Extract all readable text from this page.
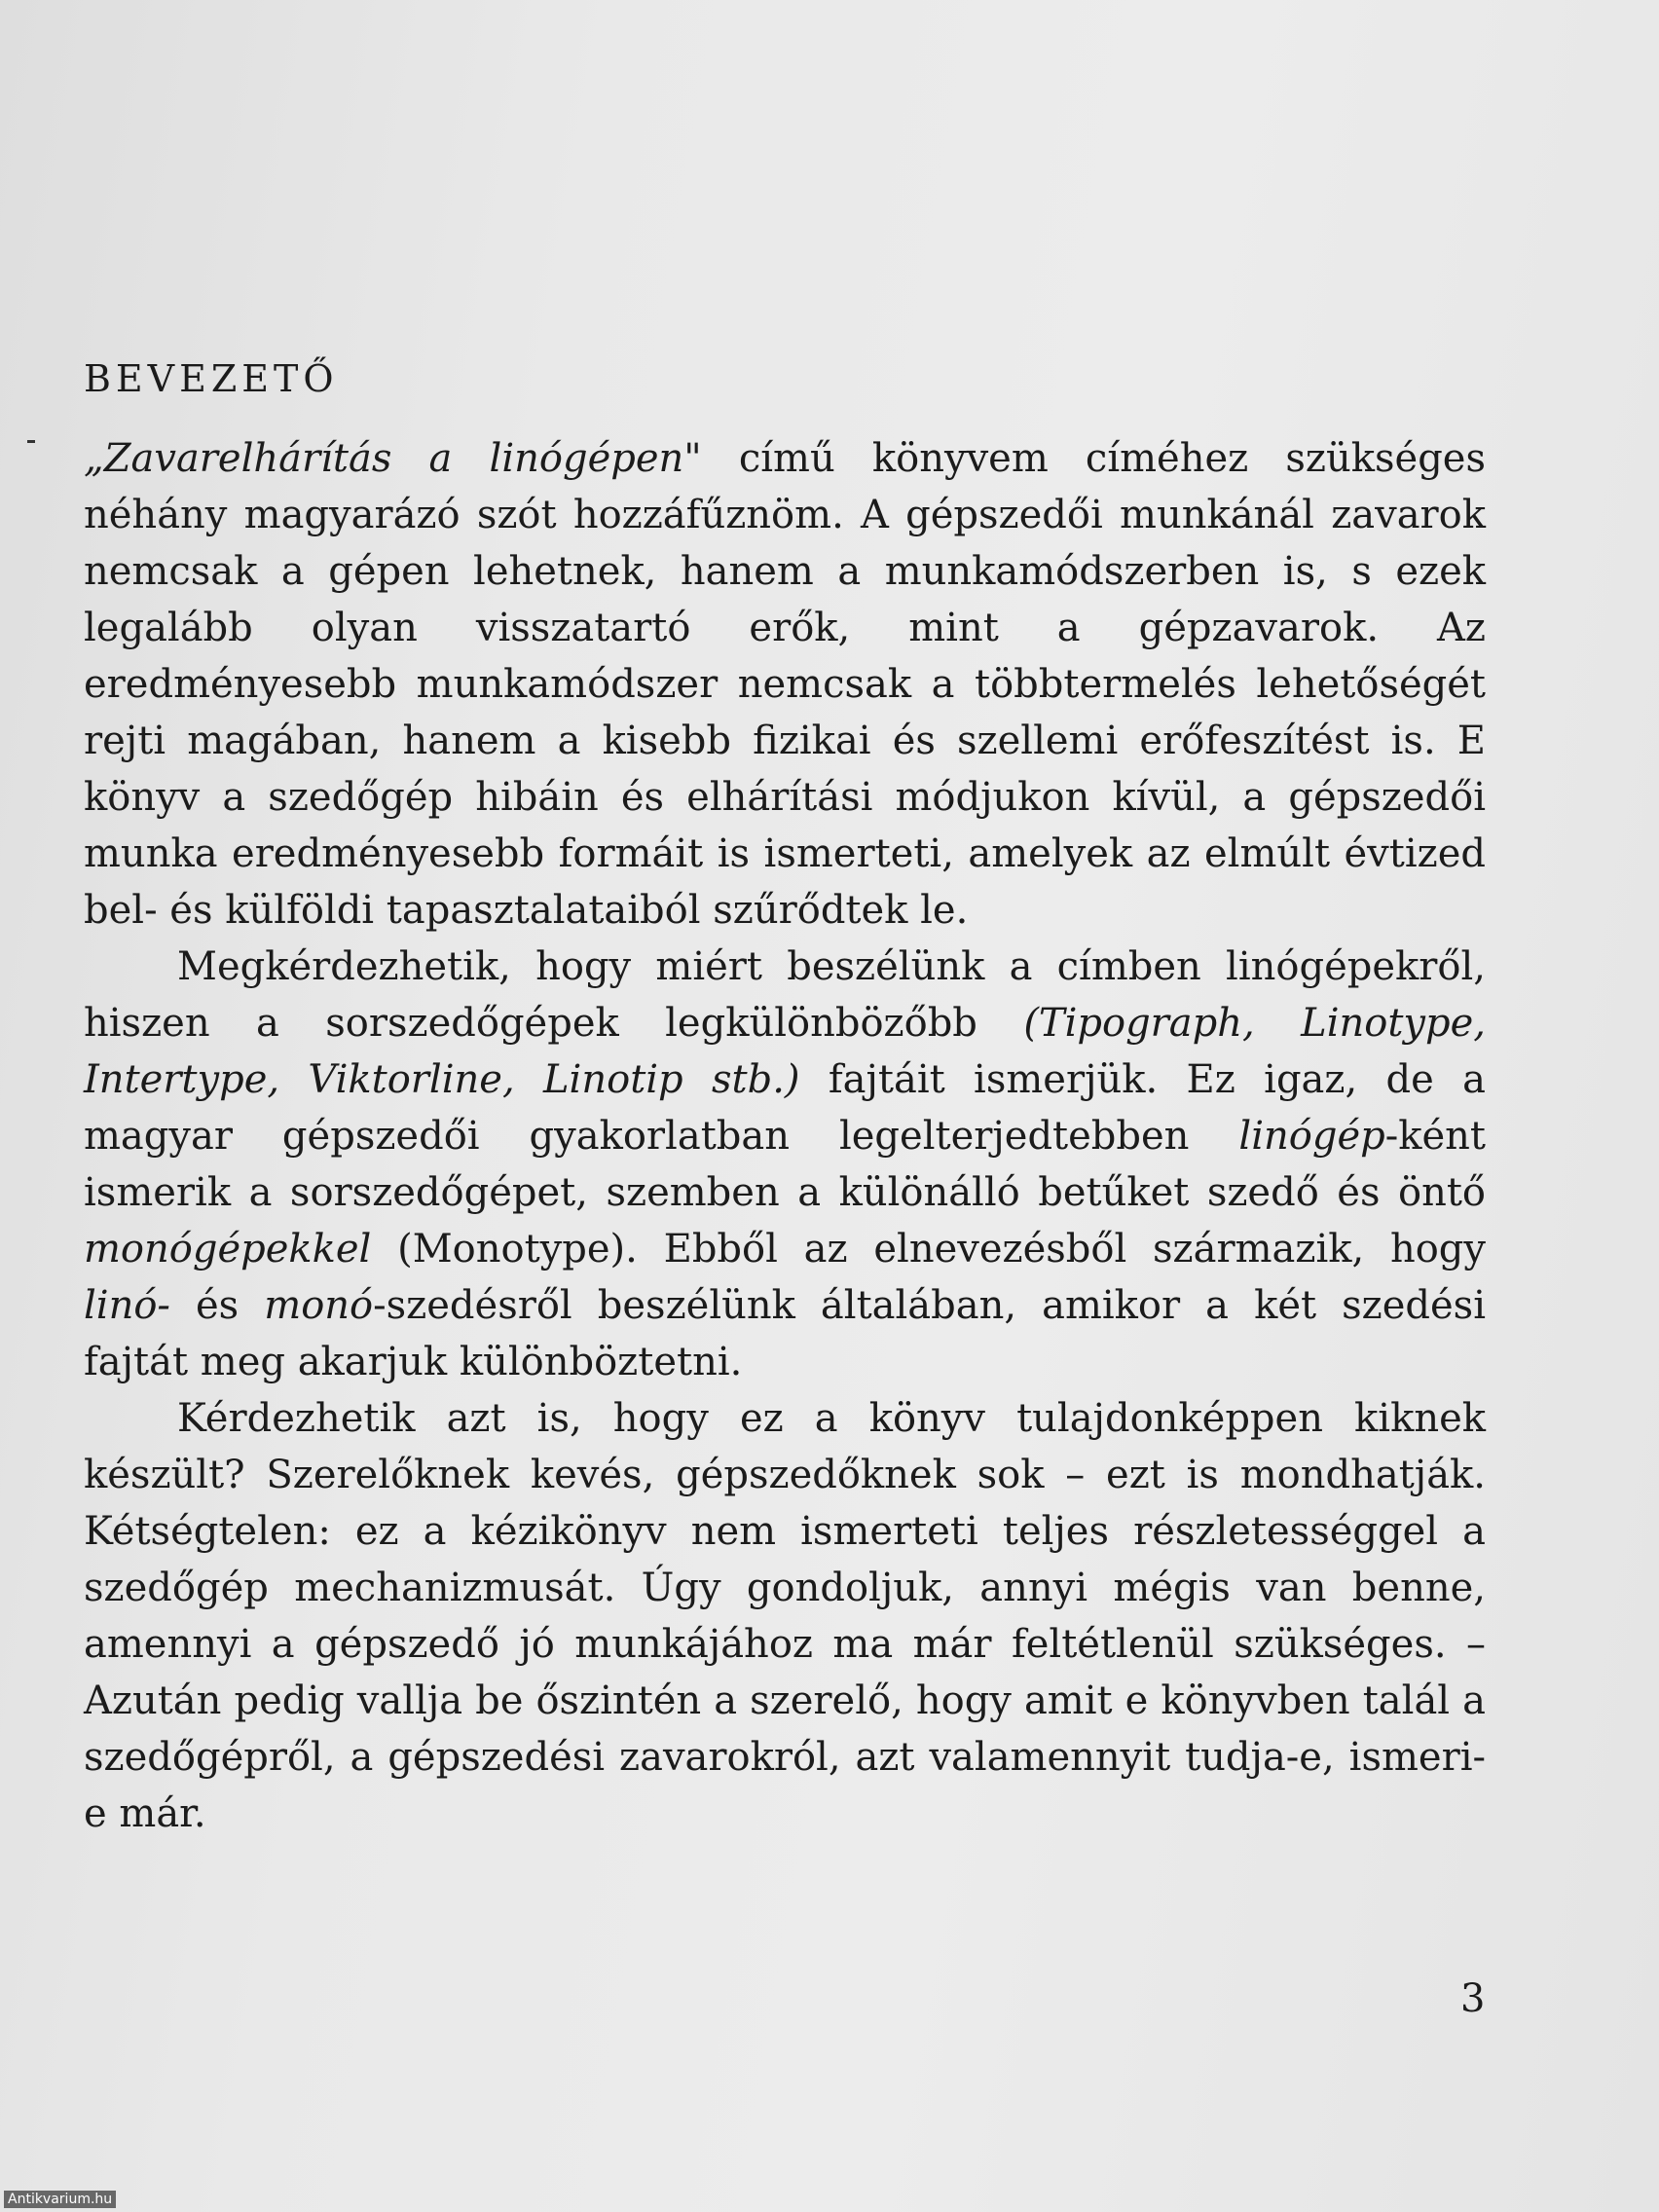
BEVEZETŐ

„Zavarelhárítás a linógépen" című könyvem címéhez szükséges néhány magyarázó szót hozzáfűznöm. A gépszedői munkánál zavarok nemcsak a gépen lehetnek, hanem a munkamódszerben is, s ezek legalább olyan visszatartó erők, mint a gépzavarok. Az eredményesebb munkamódszer nemcsak a többtermelés lehetőségét rejti magában, hanem a kisebb fizikai és szellemi erőfeszítést is. E könyv a szedőgép hibáin és elhárítási módjukon kívül, a gépszedői munka eredményesebb formáit is ismerteti, amelyek az elmúlt évtized bel- és külföldi tapasztalataiból szűrődtek le.

Megkérdezhetik, hogy miért beszélünk a címben linógépekről, hiszen a sorszedőgépek legkülönbözőbb (Tipograph, Linotype, Intertype, Viktorline, Linotip stb.) fajtáit ismerjük. Ez igaz, de a magyar gépszedői gyakorlatban legelterjedtebben linógép-ként ismerik a sorszedőgépet, szemben a különálló betűket szedő és öntő monógépekkel (Monotype). Ebből az elnevezésből származik, hogy linó- és monó-szedésről beszélünk általában, amikor a két szedési fajtát meg akarjuk különböztetni.

Kérdezhetik azt is, hogy ez a könyv tulajdonképpen kiknek készült? Szerelőknek kevés, gépszedőknek sok – ezt is mondhatják. Kétségtelen: ez a kézikönyv nem ismerteti teljes részletességgel a szedőgép mechanizmusát. Úgy gondoljuk, annyi mégis van benne, amennyi a gépszedő jó munkájához ma már feltétlenül szükséges. – Azután pedig vallja be őszintén a szerelő, hogy amit e könyvben talál a szedőgépről, a gépszedési zavarokról, azt valamennyit tudja-e, ismeri-e már.

3
Antikvarium.hu
